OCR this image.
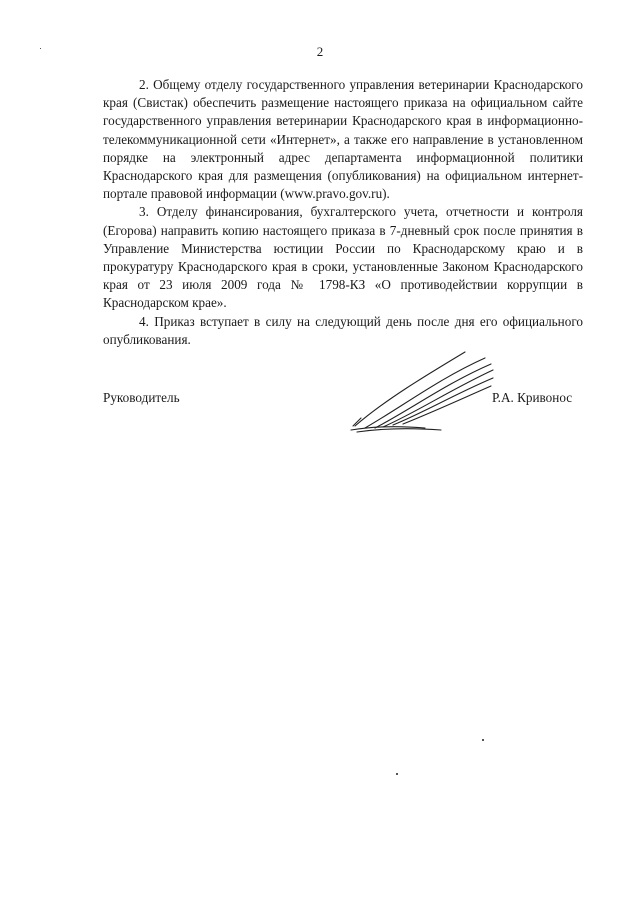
2

2. Общему отделу государственного управления ветеринарии Краснодарского края (Свистак) обеспечить размещение настоящего приказа на официальном сайте государственного управления ветеринарии Краснодарского края в информационно-телекоммуникационной сети «Интернет», а также его направление в установленном порядке на электронный адрес департамента информационной политики Краснодарского края для размещения (опубликования) на официальном интернет-портале правовой информации (www.pravo.gov.ru).

3. Отделу финансирования, бухгалтерского учета, отчетности и контроля (Егорова) направить копию настоящего приказа в 7-дневный срок после принятия в Управление Министерства юстиции России по Краснодарскому краю и в прокуратуру Краснодарского края в сроки, установленные Законом Краснодарского края от 23 июля 2009 года № 1798-КЗ «О противодействии коррупции в Краснодарском крае».

4. Приказ вступает в силу на следующий день после дня его официального опубликования.

Руководитель	Р.А. Кривонос
